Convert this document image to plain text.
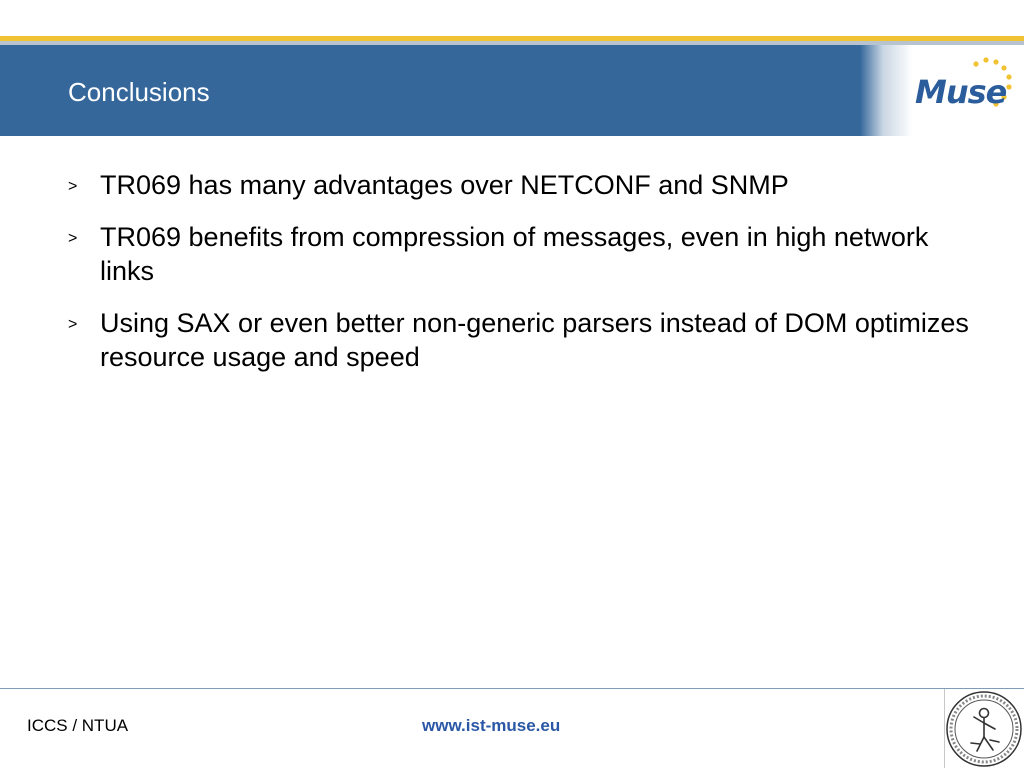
Conclusions	Muse
> TR069 has many advantages over NETCONF and SNMP
> TR069 benefits from compression of messages, even in high network links
> Using SAX or even better non-generic parsers instead of DOM optimizes resource usage and speed
ICCS / NTUA	www.ist-muse.eu
